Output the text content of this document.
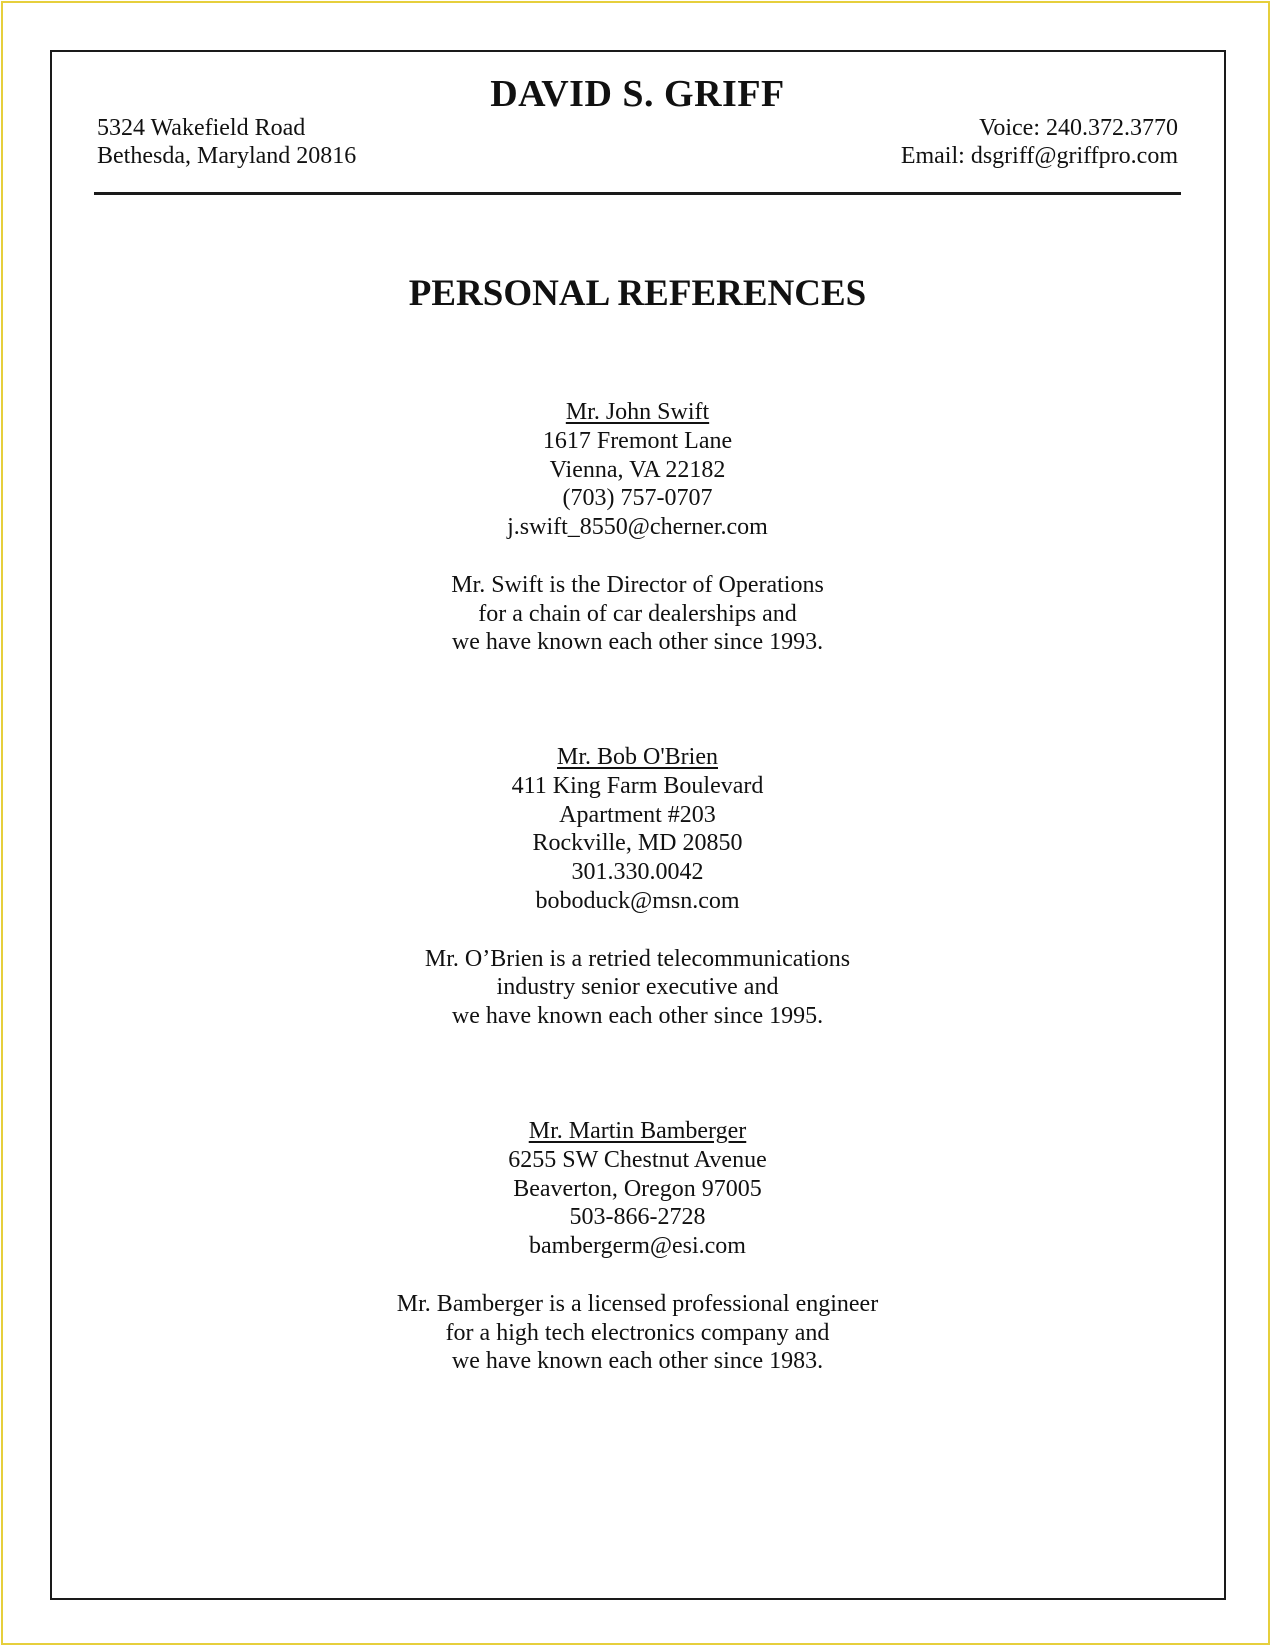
DAVID S. GRIFF
5324 Wakefield Road
Bethesda, Maryland 20816
Voice: 240.372.3770
Email: dsgriff@griffpro.com
PERSONAL REFERENCES
Mr. John Swift
1617 Fremont Lane
Vienna, VA 22182
(703) 757-0707
j.swift_8550@cherner.com
Mr. Swift is the Director of Operations
for a chain of car dealerships and
we have known each other since 1993.
Mr. Bob O'Brien
411 King Farm Boulevard
Apartment #203
Rockville, MD 20850
301.330.0042
boboduck@msn.com
Mr. O’Brien is a retried telecommunications
industry senior executive and
we have known each other since 1995.
Mr. Martin Bamberger
6255 SW Chestnut Avenue
Beaverton, Oregon 97005
503-866-2728
bambergerm@esi.com
Mr. Bamberger is a licensed professional engineer
for a high tech electronics company and
we have known each other since 1983.
